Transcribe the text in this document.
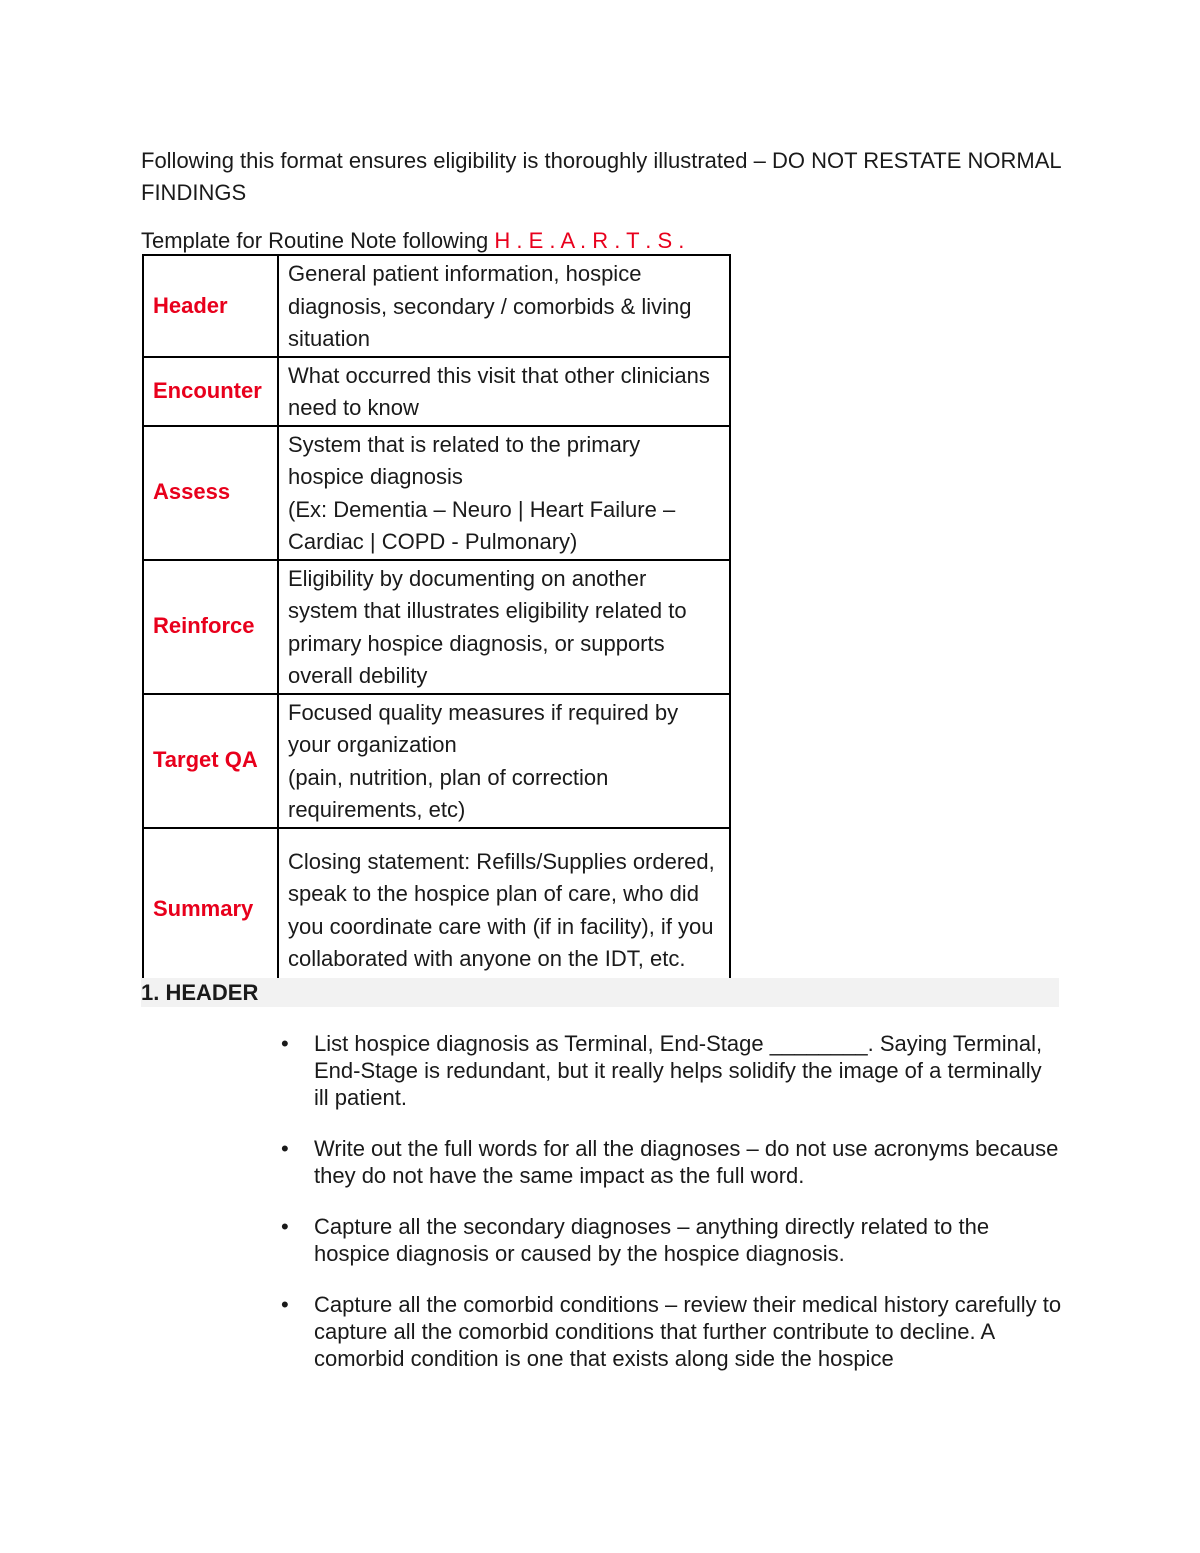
Following this format ensures eligibility is thoroughly illustrated – DO NOT RESTATE NORMAL FINDINGS
Template for Routine Note following H . E . A . R . T . S .
Header	General patient information, hospice diagnosis, secondary / comorbids & living situation

Encounter	What occurred this visit that other clinicians need to know

Assess	System that is related to the primary hospice diagnosis
(Ex: Dementia – Neuro | Heart Failure – Cardiac | COPD - Pulmonary)

Reinforce	Eligibility by documenting on another system that illustrates eligibility related to primary hospice diagnosis, or supports overall debility

Target QA	Focused quality measures if required by your organization
(pain, nutrition, plan of correction requirements, etc)

Summary	Closing statement: Refills/Supplies ordered, speak to the hospice plan of care, who did you coordinate care with (if in facility), if you collaborated with anyone on the IDT, etc.
1. HEADER
• List hospice diagnosis as Terminal, End-Stage ________. Saying Terminal, End-Stage is redundant, but it really helps solidify the image of a terminally ill patient.
• Write out the full words for all the diagnoses – do not use acronyms because they do not have the same impact as the full word.
• Capture all the secondary diagnoses – anything directly related to the hospice diagnosis or caused by the hospice diagnosis.
• Capture all the comorbid conditions – review their medical history carefully to capture all the comorbid conditions that further contribute to decline. A comorbid condition is one that exists along side the hospice
